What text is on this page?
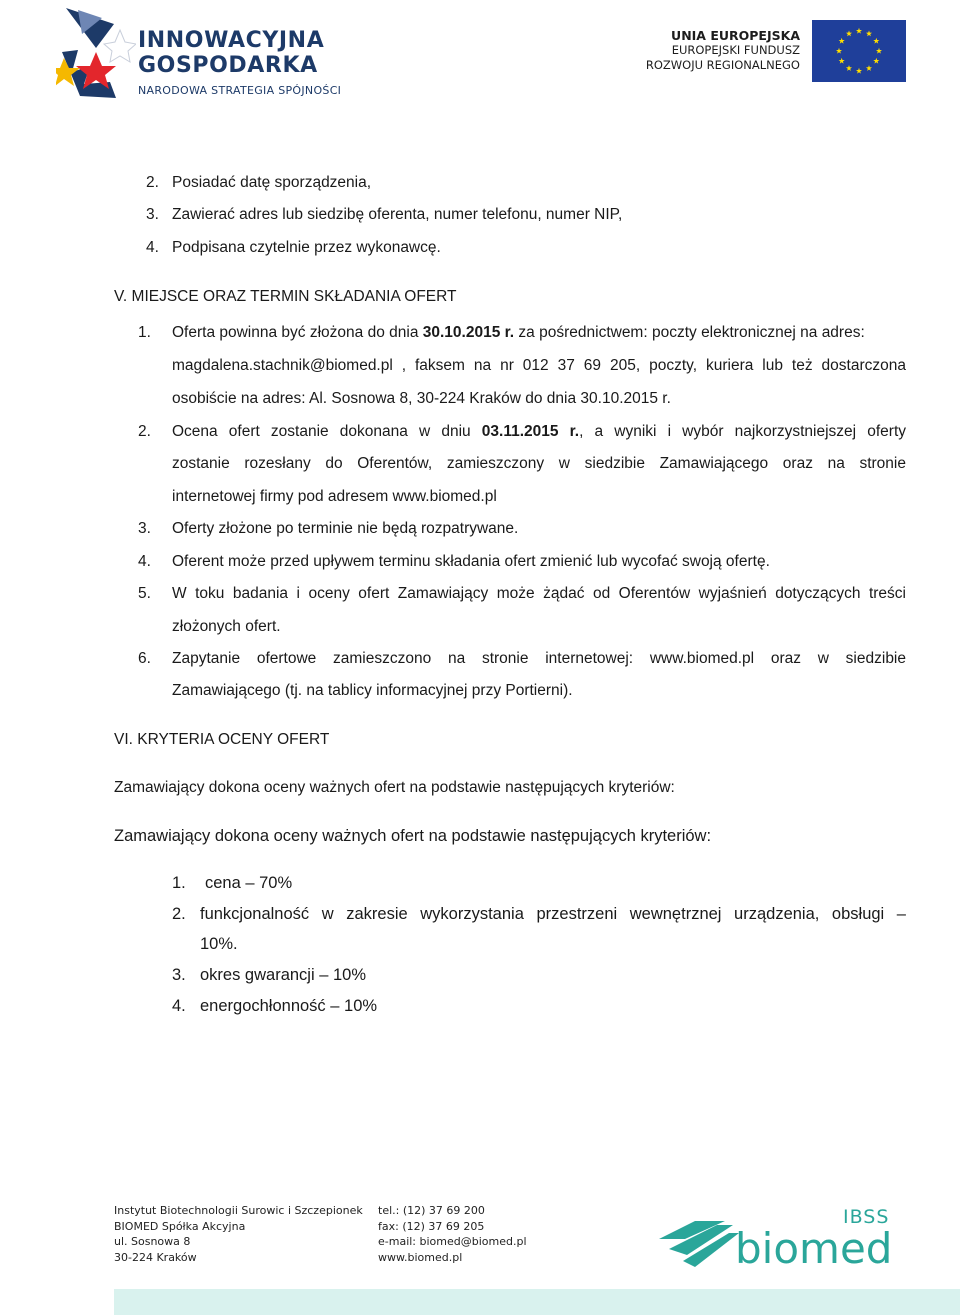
INNOWACYJNA
GOSPODARKA
NARODOWA STRATEGIA SPÓJNOŚCI
UNIA EUROPEJSKA
EUROPEJSKI FUNDUSZ
ROZWOJU REGIONALNEGO
2. Posiadać datę sporządzenia,
3. Zawierać adres lub siedzibę oferenta, numer telefonu, numer NIP,
4. Podpisana czytelnie przez wykonawcę.
V. MIEJSCE ORAZ TERMIN SKŁADANIA OFERT
1. Oferta powinna być złożona do dnia 30.10.2015 r. za pośrednictwem: poczty elektronicznej na adres:
magdalena.stachnik@biomed.pl , faksem na nr 012 37 69 205, poczty, kuriera lub też dostarczona
osobiście na adres: Al. Sosnowa 8, 30-224 Kraków do dnia 30.10.2015 r.
2. Ocena ofert zostanie dokonana w dniu 03.11.2015 r., a wyniki i wybór najkorzystniejszej oferty
zostanie rozesłany do Oferentów, zamieszczony w siedzibie Zamawiającego oraz na stronie
internetowej firmy pod adresem www.biomed.pl
3. Oferty złożone po terminie nie będą rozpatrywane.
4. Oferent może przed upływem terminu składania ofert zmienić lub wycofać swoją ofertę.
5. W toku badania i oceny ofert Zamawiający może żądać od Oferentów wyjaśnień dotyczących treści
złożonych ofert.
6. Zapytanie ofertowe zamieszczono na stronie internetowej: www.biomed.pl oraz w siedzibie
Zamawiającego (tj. na tablicy informacyjnej przy Portierni).
VI. KRYTERIA OCENY OFERT
Zamawiający dokona oceny ważnych ofert na podstawie następujących kryteriów:
Zamawiający dokona oceny ważnych ofert na podstawie następujących kryteriów:
1. cena – 70%
2. funkcjonalność w zakresie wykorzystania przestrzeni wewnętrznej urządzenia, obsługi –
10%.
3. okres gwarancji – 10%
4. energochłonność – 10%
Instytut Biotechnologii Surowic i Szczepionek
BIOMED Spółka Akcyjna
ul. Sosnowa 8
30-224 Kraków
tel.: (12) 37 69 200
fax: (12) 37 69 205
e-mail: biomed@biomed.pl
www.biomed.pl
IBSS
biomed
